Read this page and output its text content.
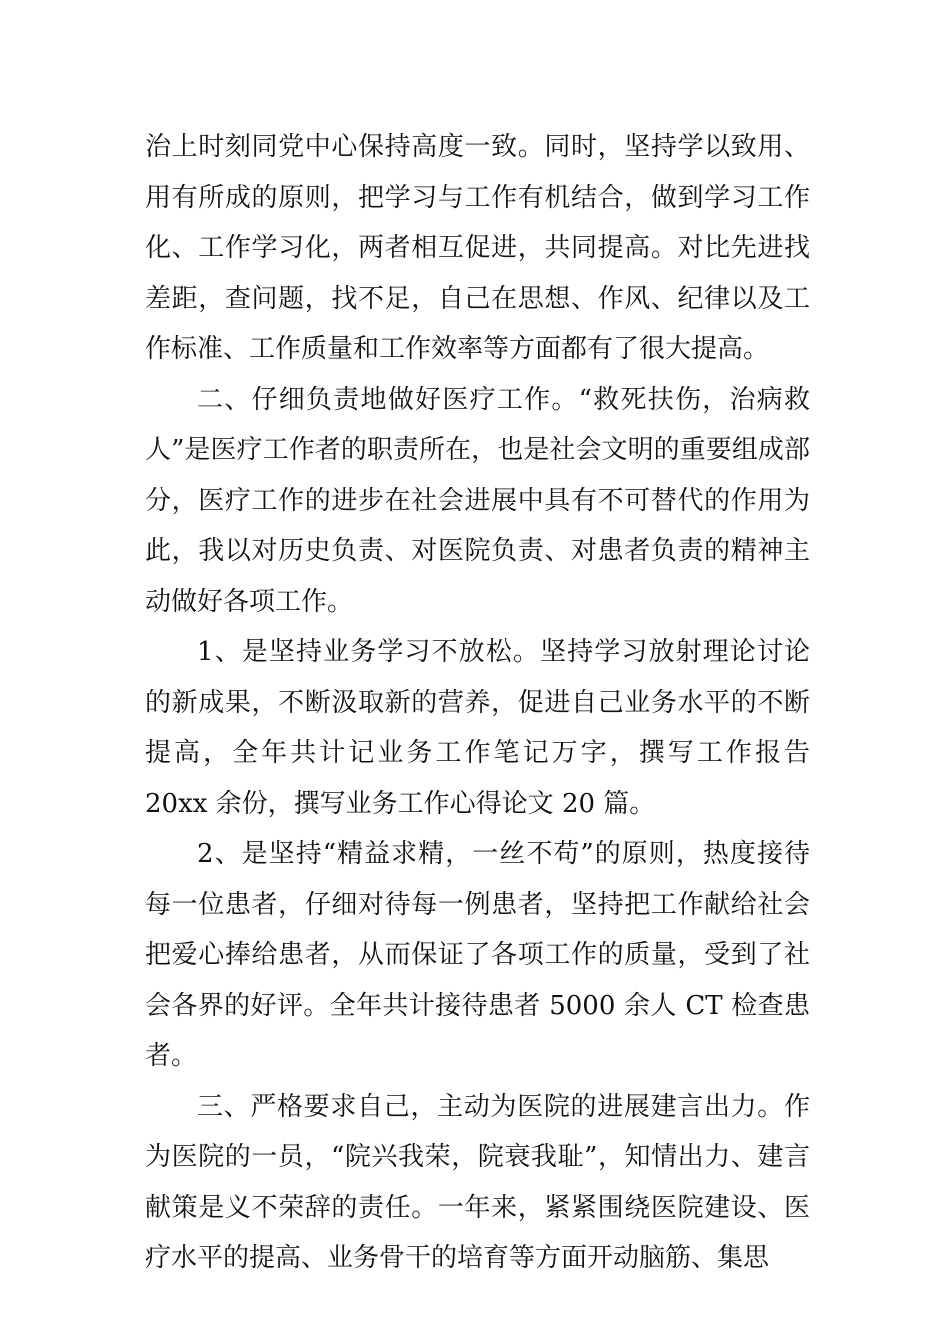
治上时刻同党中心保持高度一致。同时，坚持学以致用、用有所成的原则，把学习与工作有机结合，做到学习工作化、工作学习化，两者相互促进，共同提高。对比先进找差距，查问题，找不足，自己在思想、作风、纪律以及工作标准、工作质量和工作效率等方面都有了很大提高。

二、仔细负责地做好医疗工作。“救死扶伤，治病救人”是医疗工作者的职责所在，也是社会文明的重要组成部分，医疗工作的进步在社会进展中具有不可替代的作用为此，我以对历史负责、对医院负责、对患者负责的精神主动做好各项工作。

1、是坚持业务学习不放松。坚持学习放射理论讨论的新成果，不断汲取新的营养，促进自己业务水平的不断提高，全年共计记业务工作笔记万字，撰写工作报告 20xx 余份，撰写业务工作心得论文 20 篇。

2、是坚持“精益求精，一丝不苟”的原则，热度接待每一位患者，仔细对待每一例患者，坚持把工作献给社会把爱心捧给患者，从而保证了各项工作的质量，受到了社会各界的好评。全年共计接待患者 5000 余人 CT 检查患者。

三、严格要求自己，主动为医院的进展建言出力。作为医院的一员，“院兴我荣，院衰我耻”，知情出力、建言献策是义不荣辞的责任。一年来，紧紧围绕医院建设、医疗水平的提高、业务骨干的培育等方面开动脑筋、集思
